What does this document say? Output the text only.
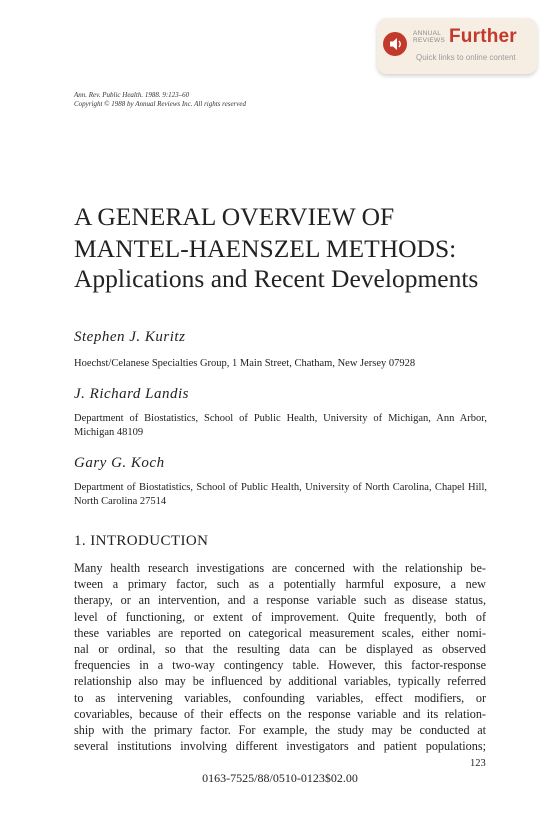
ANNUAL
REVIEWS Further
Quick links to online content
Ann. Rev. Public Health. 1988. 9:123–60
Copyright © 1988 by Annual Reviews Inc. All rights reserved
A GENERAL OVERVIEW OF
MANTEL-HAENSZEL METHODS:
Applications and Recent Developments
Stephen J. Kuritz
Hoechst/Celanese Specialties Group, 1 Main Street, Chatham, New Jersey 07928
J. Richard Landis
Department of Biostatistics, School of Public Health, University of Michigan, Ann Arbor, Michigan 48109
Gary G. Koch
Department of Biostatistics, School of Public Health, University of North Carolina, Chapel Hill, North Carolina 27514
1. INTRODUCTION
Many health research investigations are concerned with the relationship be-
tween a primary factor, such as a potentially harmful exposure, a new
therapy, or an intervention, and a response variable such as disease status,
level of functioning, or extent of improvement. Quite frequently, both of
these variables are reported on categorical measurement scales, either nomi-
nal or ordinal, so that the resulting data can be displayed as observed
frequencies in a two-way contingency table. However, this factor-response
relationship also may be influenced by additional variables, typically referred
to as intervening variables, confounding variables, effect modifiers, or
covariables, because of their effects on the response variable and its relation-
ship with the primary factor. For example, the study may be conducted at
several institutions involving different investigators and patient populations;
123
0163-7525/88/0510-0123$02.00
